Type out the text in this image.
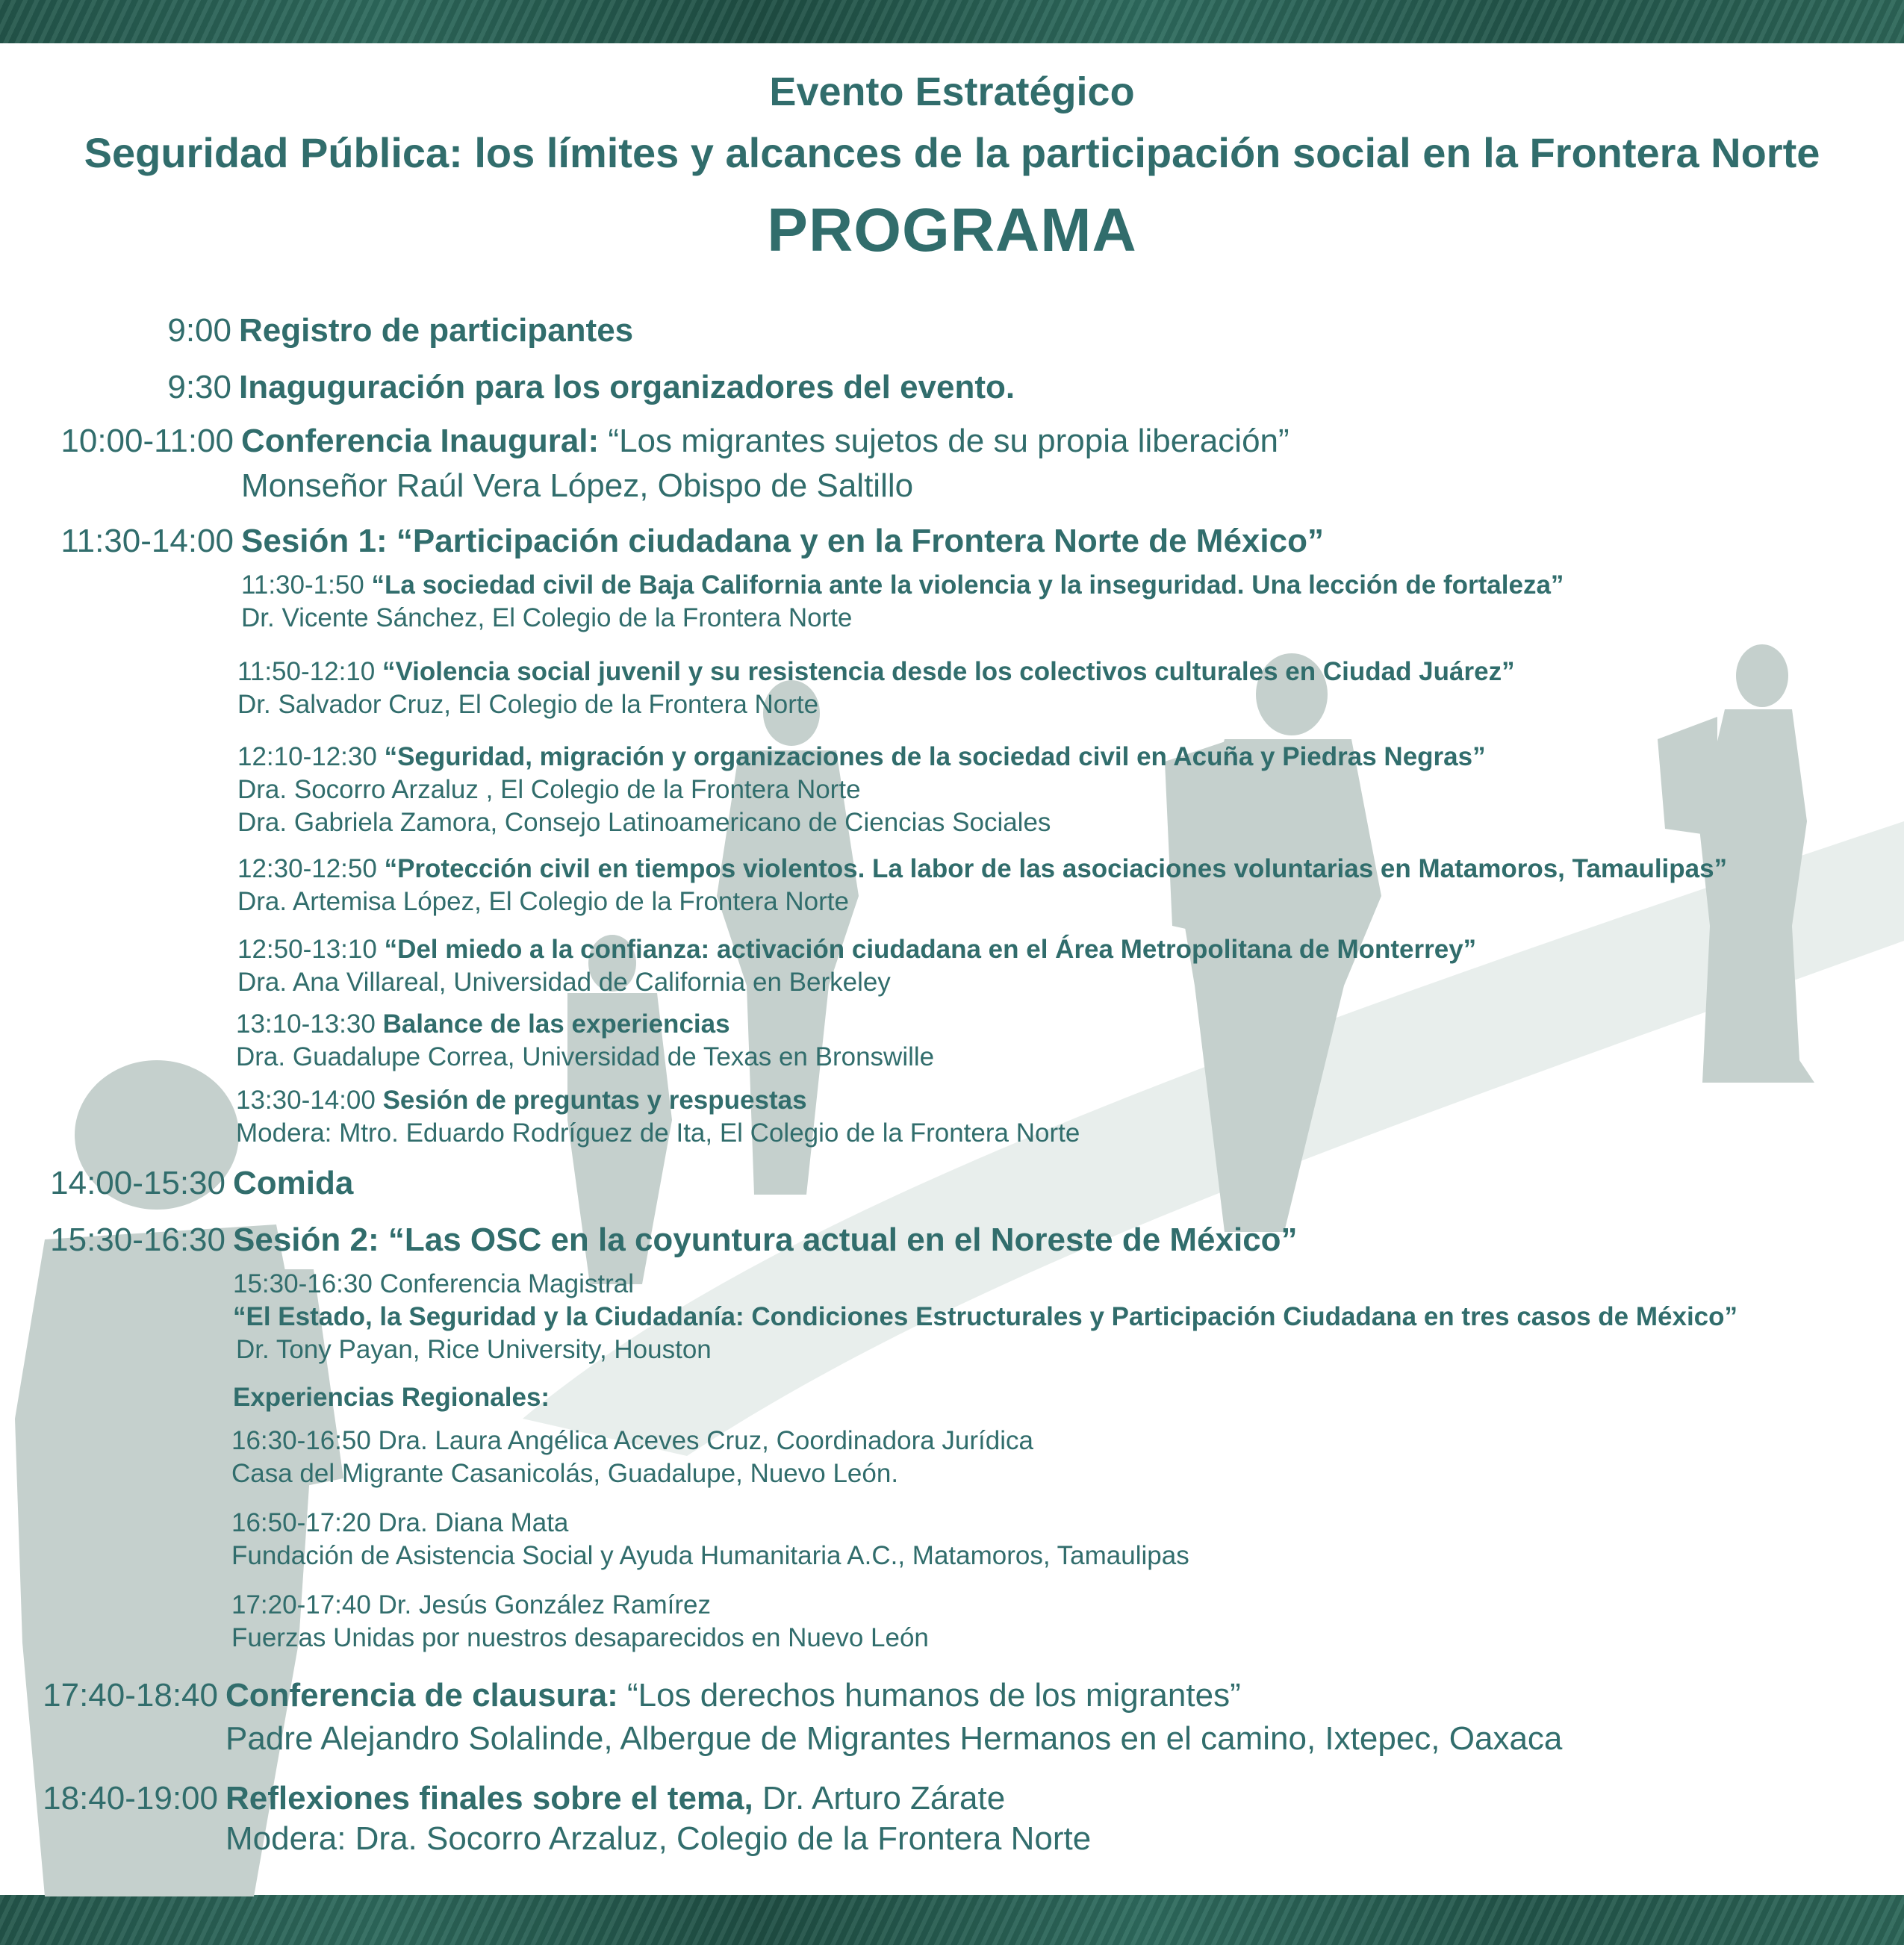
Evento Estratégico
Seguridad Pública: los límites y alcances de la participación social en la Frontera Norte
PROGRAMA
9:00 Registro de participantes
9:30 Inaguguración para los organizadores del evento.
10:00-11:00 Conferencia Inaugural: “Los migrantes sujetos de su propia liberación”
Monseñor Raúl Vera López, Obispo de Saltillo
11:30-14:00 Sesión 1: “Participación ciudadana y en la Frontera Norte de México”
11:30-1:50 “La sociedad civil de Baja California ante la violencia y la inseguridad. Una lección de fortaleza”
Dr. Vicente Sánchez, El Colegio de la Frontera Norte
11:50-12:10 “Violencia social juvenil y su resistencia desde los colectivos culturales en Ciudad Juárez”
Dr. Salvador Cruz, El Colegio de la Frontera Norte
12:10-12:30 “Seguridad, migración y organizaciones de la sociedad civil en Acuña y Piedras Negras”
Dra. Socorro Arzaluz , El Colegio de la Frontera Norte
Dra. Gabriela Zamora, Consejo Latinoamericano de Ciencias Sociales
12:30-12:50 “Protección civil en tiempos violentos. La labor de las asociaciones voluntarias en Matamoros, Tamaulipas”
Dra. Artemisa López, El Colegio de la Frontera Norte
12:50-13:10 “Del miedo a la confianza: activación ciudadana en el Área Metropolitana de Monterrey”
Dra. Ana Villareal, Universidad de California en Berkeley
13:10-13:30 Balance de las experiencias
Dra. Guadalupe Correa, Universidad de Texas en Bronswille
13:30-14:00 Sesión de preguntas y respuestas
Modera: Mtro. Eduardo Rodríguez de Ita, El Colegio de la Frontera Norte
14:00-15:30 Comida
15:30-16:30 Sesión 2: “Las OSC en la coyuntura actual en el Noreste de México”
15:30-16:30 Conferencia Magistral
“El Estado, la Seguridad y la Ciudadanía: Condiciones Estructurales y Participación Ciudadana en tres casos de México”
Dr. Tony Payan, Rice University, Houston
Experiencias Regionales:
16:30-16:50 Dra. Laura Angélica Aceves Cruz, Coordinadora Jurídica
Casa del Migrante Casanicolás, Guadalupe, Nuevo León.
16:50-17:20 Dra. Diana Mata
Fundación de Asistencia Social y Ayuda Humanitaria A.C., Matamoros, Tamaulipas
17:20-17:40 Dr. Jesús González Ramírez
Fuerzas Unidas por nuestros desaparecidos en Nuevo León
17:40-18:40 Conferencia de clausura: “Los derechos humanos de los migrantes”
Padre Alejandro Solalinde, Albergue de Migrantes Hermanos en el camino, Ixtepec, Oaxaca
18:40-19:00 Reflexiones finales sobre el tema, Dr. Arturo Zárate
Modera: Dra. Socorro Arzaluz, Colegio de la Frontera Norte
